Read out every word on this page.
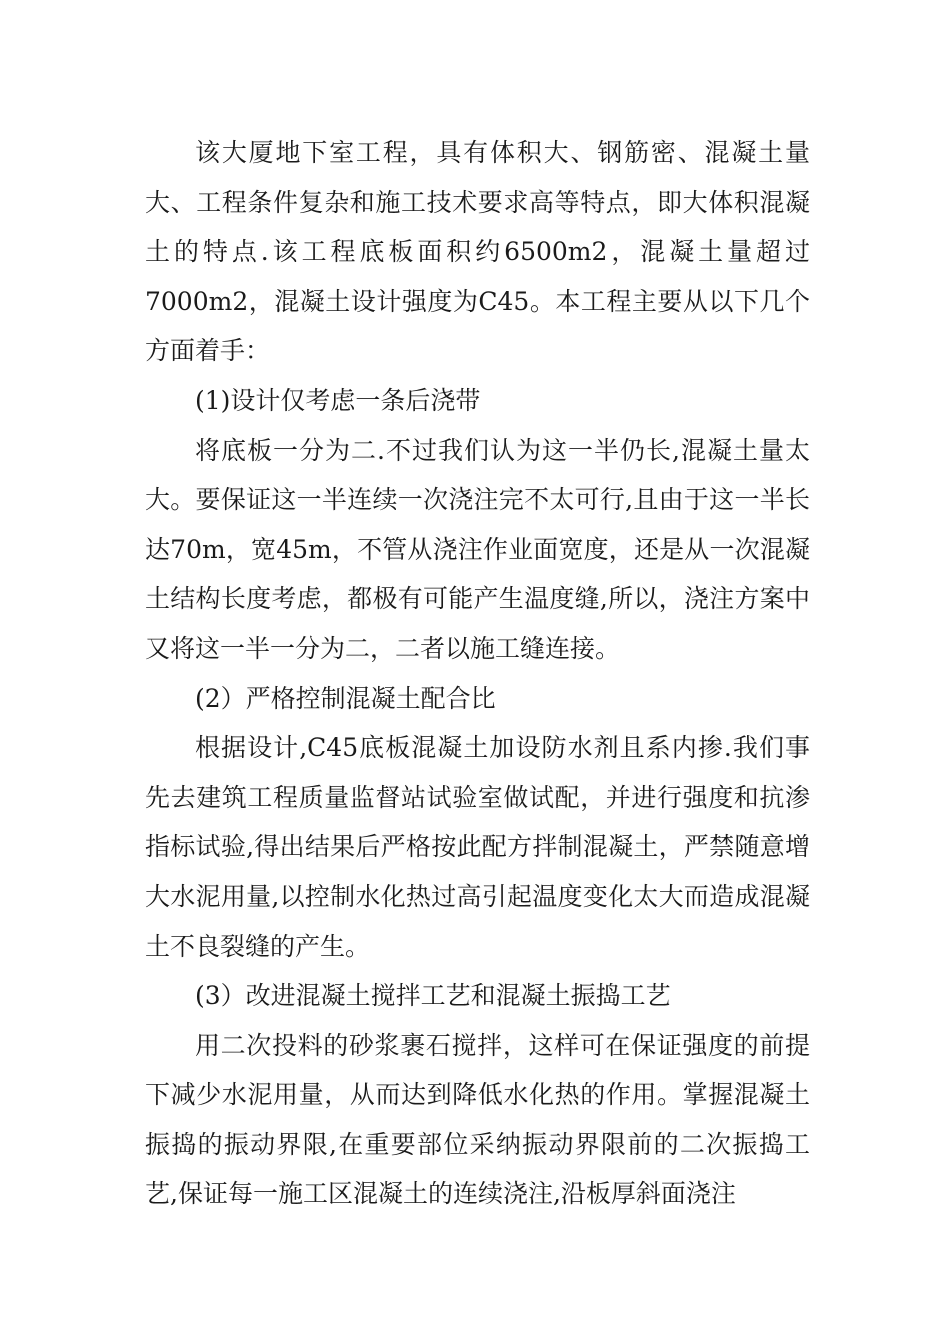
该大厦地下室工程，具有体积大、钢筋密、混凝土量大、工程条件复杂和施工技术要求高等特点，即大体积混凝土的特点.该工程底板面积约6500m2，混凝土量超过7000m2，混凝土设计强度为C45。本工程主要从以下几个方面着手：

(1)设计仅考虑一条后浇带

将底板一分为二.不过我们认为这一半仍长,混凝土量太大。要保证这一半连续一次浇注完不太可行,且由于这一半长达70m，宽45m，不管从浇注作业面宽度，还是从一次混凝土结构长度考虑，都极有可能产生温度缝,所以，浇注方案中又将这一半一分为二，二者以施工缝连接。

(2）严格控制混凝土配合比

根据设计,C45底板混凝土加设防水剂且系内掺.我们事先去建筑工程质量监督站试验室做试配，并进行强度和抗渗指标试验,得出结果后严格按此配方拌制混凝土，严禁随意增大水泥用量,以控制水化热过高引起温度变化太大而造成混凝土不良裂缝的产生。

(3）改进混凝土搅拌工艺和混凝土振捣工艺

用二次投料的砂浆裹石搅拌，这样可在保证强度的前提下减少水泥用量，从而达到降低水化热的作用。掌握混凝土振捣的振动界限,在重要部位采纳振动界限前的二次振捣工艺,保证每一施工区混凝土的连续浇注,沿板厚斜面浇注
